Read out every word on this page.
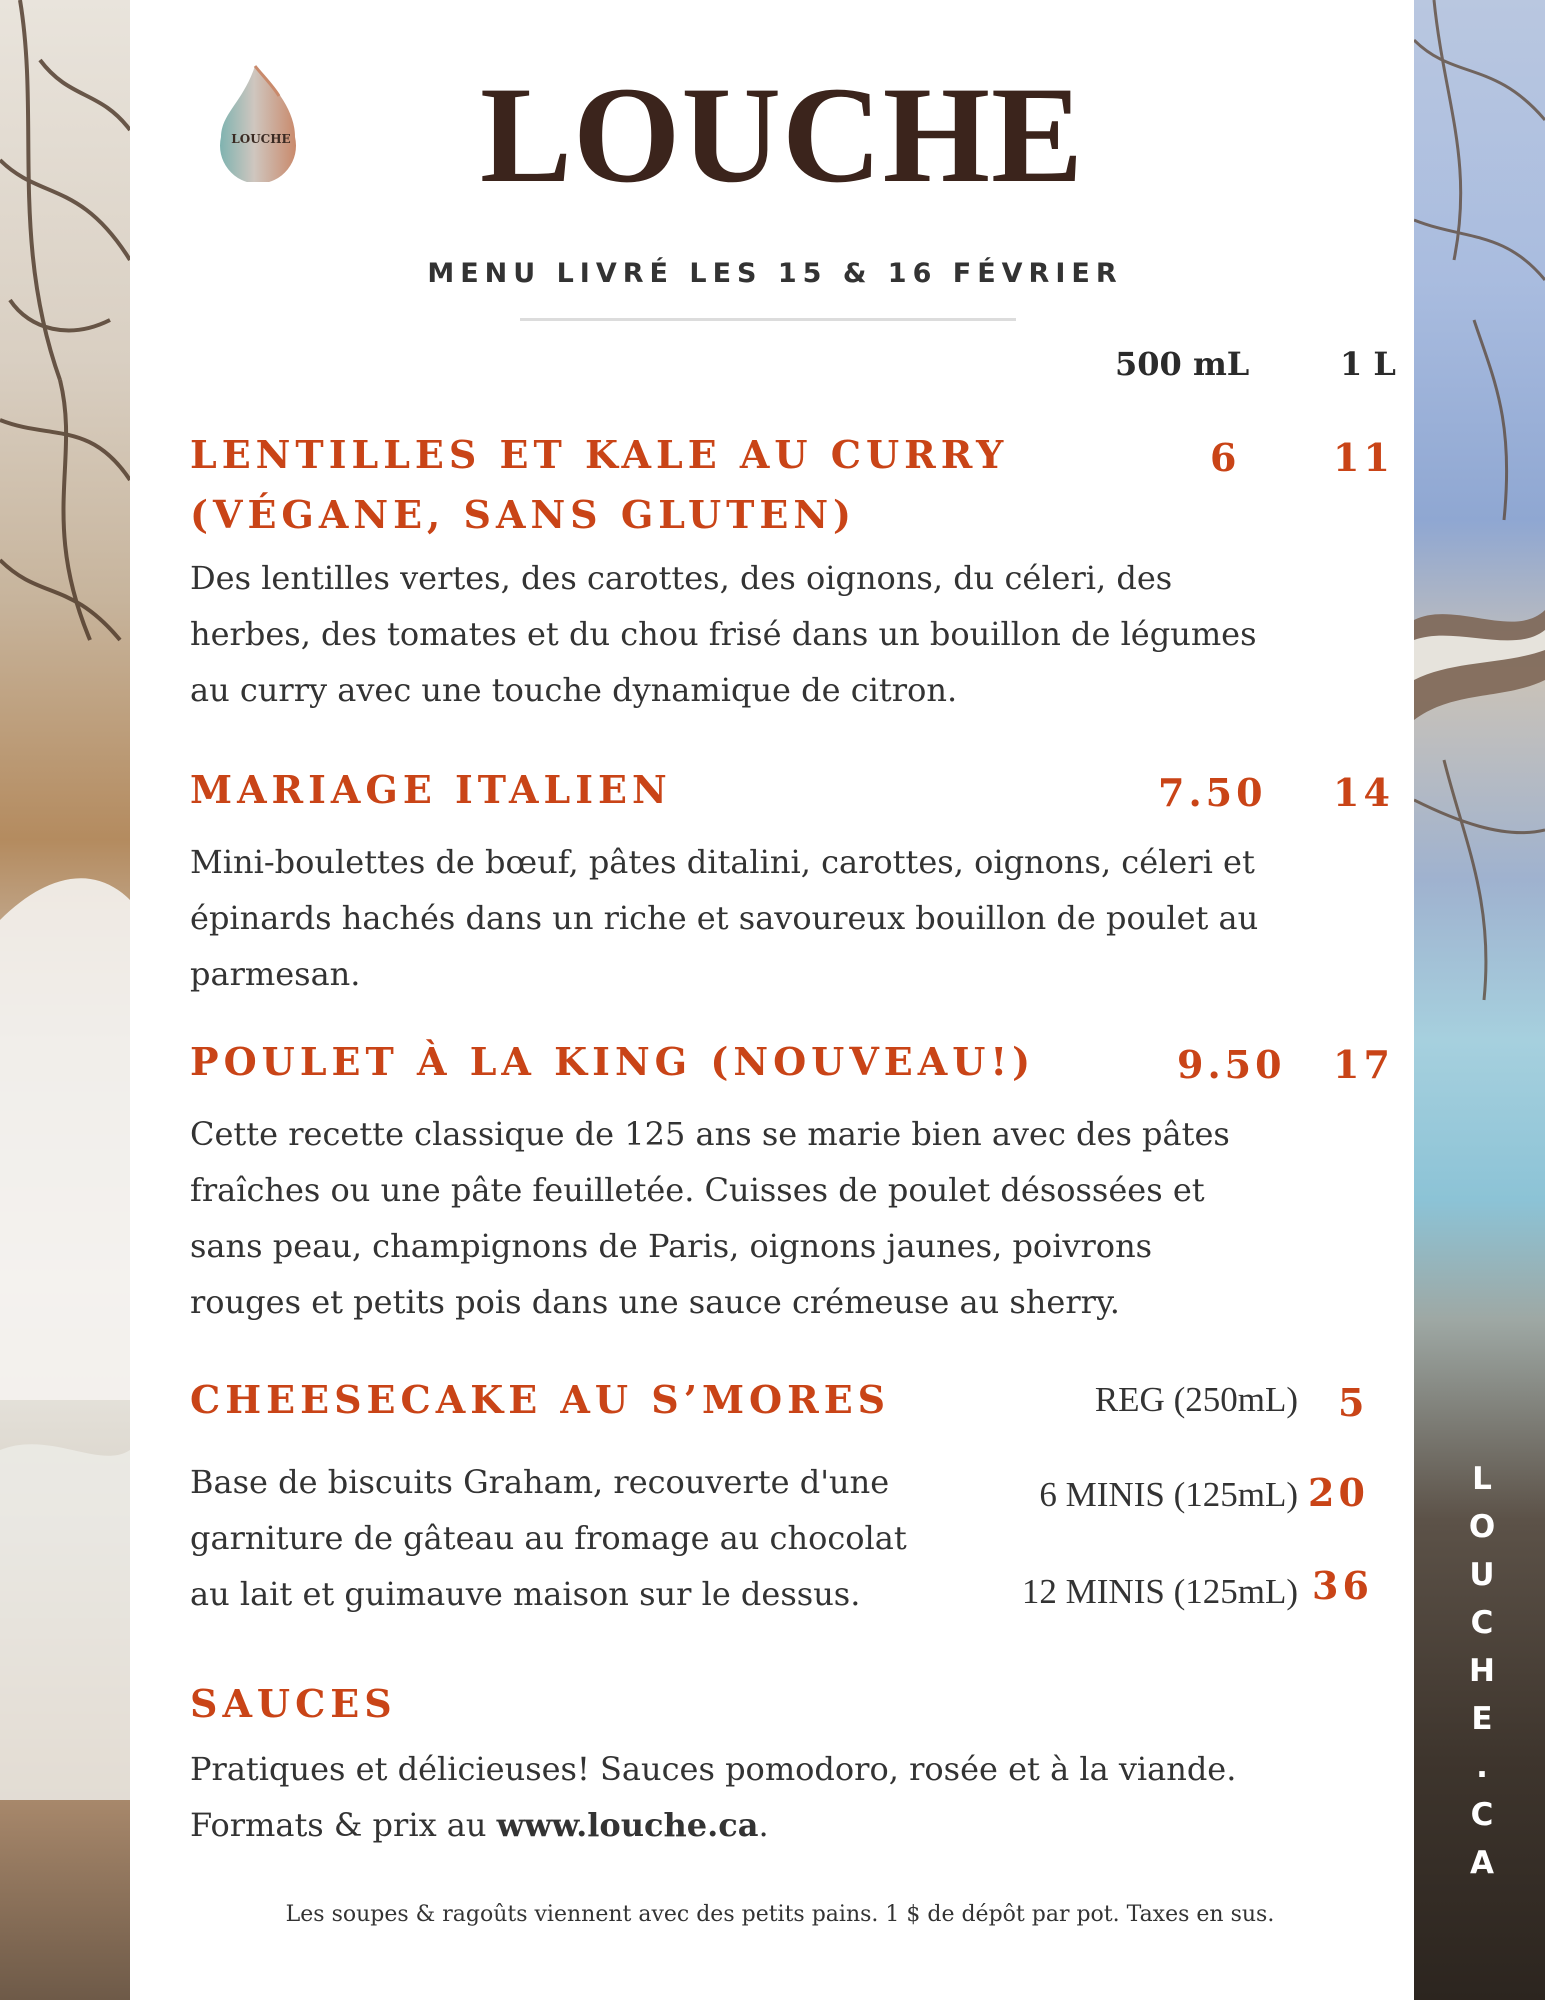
L
O
U
C
H
E
.
C
A
LOUCHE LOUCHE
MENU LIVRÉ LES 15 & 16 FÉVRIER
500 mL	1 L
LENTILLES ET KALE AU CURRY
(VÉGANE, SANS GLUTEN)
6 11
Des lentilles vertes, des carottes, des oignons, du céleri, des
herbes, des tomates et du chou frisé dans un bouillon de légumes
au curry avec une touche dynamique de citron.
MARIAGE ITALIEN	7.50 14
Mini-boulettes de bœuf, pâtes ditalini, carottes, oignons, céleri et
épinards hachés dans un riche et savoureux bouillon de poulet au
parmesan.
POULET À LA KING (NOUVEAU!)	9.50 17
Cette recette classique de 125 ans se marie bien avec des pâtes
fraîches ou une pâte feuilletée. Cuisses de poulet désossées et
sans peau, champignons de Paris, oignons jaunes, poivrons
rouges et petits pois dans une sauce crémeuse au sherry.
CHEESECAKE AU S’MORES
Base de biscuits Graham, recouverte d'une
garniture de gâteau au fromage au chocolat
au lait et guimauve maison sur le dessus.
REG (250mL) 5
6 MINIS (125mL) 20
12 MINIS (125mL) 36
SAUCES
Pratiques et délicieuses! Sauces pomodoro, rosée et à la viande.
Formats & prix au www.louche.ca.
Les soupes & ragoûts viennent avec des petits pains. 1 $ de dépôt par pot. Taxes en sus.
